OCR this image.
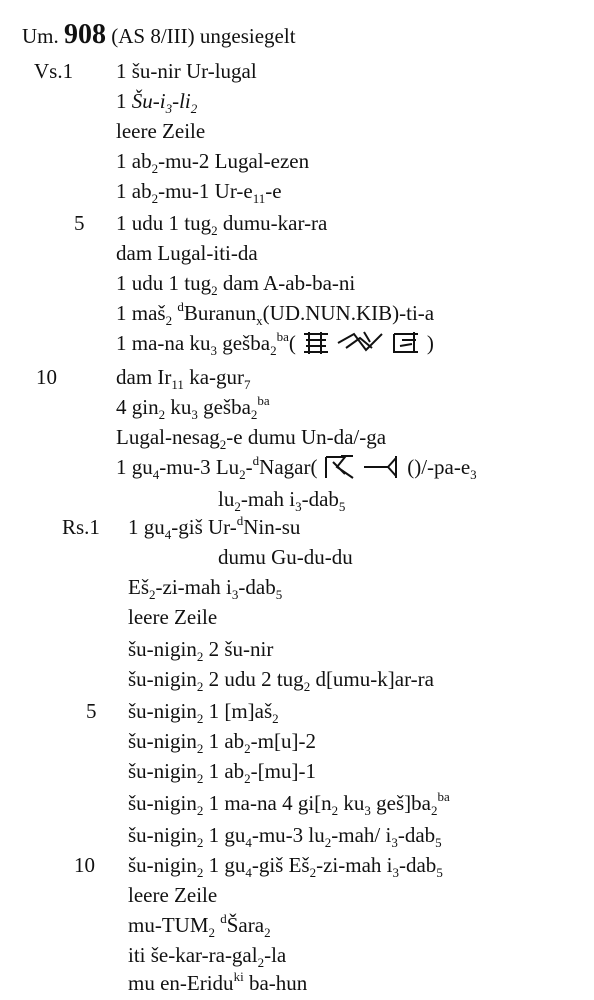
Um. 908 (AS 8/III) ungesiegelt
Vs.1 1 šu-nir Ur-lugal
1 $Šu-i_3-li_2$
leere Zeile
1 $ab_2-mu-2$ Lugal-ezen
1 $ab_2-mu-1$ $Ur-e_{11}-e$
5 1 udu 1 tug$_2$ dumu-kar-ra
dam Lugal-iti-da
1 udu 1 tug$_2$ dam A-ab-ba-ni
1 maš$_2$ $^d$Buranun$_x$(UD.NUN.KIB)-ti-a
1 ma-na $ku_3$ gešba$_2^{ba}$(	)
10	dam $Ir_{11}$ ka-gur$_7$
4 gin$_2$ $ku_3$ gešba$_2^{ba}$
Lugal-nesag$_2$-e dumu Un-da/-ga
1 $gu_4-mu-3$ $Lu_2-^dNagar$(	$()/-pa-e_3$
$lu_2$-mah $i_3-dab_5$
Rs.1 1 $gu_4$-giš Ur-$^d$Nin-su
dumu Gu-du-du
$Eš_2-zi$-mah $i_3-dab_5$
leere Zeile
šu-nigin$_2$ 2 šu-nir
šu-nigin$_2$ 2 udu 2 tug$_2$ d[umu-k]ar-ra
5 šu-nigin$_2$ 1 $[m]aš_2$
šu-nigin$_2$ 1 $ab_2-m[u]-2$
šu-nigin$_2$ 1 $ab_2-[mu]-1$
šu-nigin$_2$ 1 ma-na 4 $gi[n_2$ $ku_3$ $geš]ba_2^{ba}$
šu-nigin$_2$ 1 $gu_4-mu-3$ $lu_2-mah/$ $i_3-dab_5$
10 šu-nigin$_2$ 1 $gu_4$-giš $Eš_2-zi$-mah $i_3-dab_5$
leere Zeile
$mu-TUM_2$ $^d$Šara$_2$
iti še-kar-ra-gal$_2$-la
mu en-Eridu$^{ki}$ ba-hun
